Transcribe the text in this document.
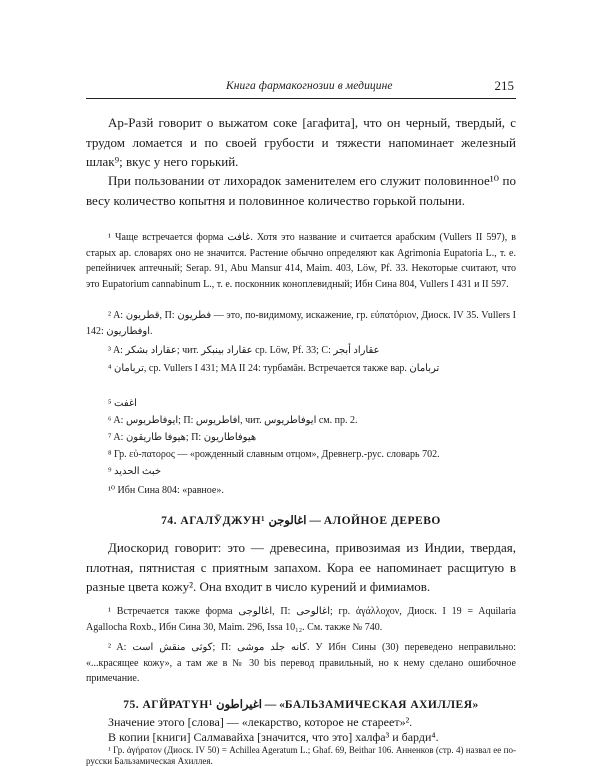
Книга фармакогнозии в медицине	215
Ар-Разй говорит о выжатом соке [агафита], что он черный, твердый, с трудом ломается и по своей грубости и тяжести напоминает железный шлак⁹; вкус у него горький.
При пользовании от лихорадок заменителем его служит половинное¹⁰ по весу количество копытня и половинное количество горькой полыни.
¹ Чаще встречается форма غافت. Хотя это название и считается арабским (Vullers II 597), в старых ар. словарях оно не значится. Растение обычно определяют как Agrimonia Eupatoria L., т. е. репейничек аптечный; Serap. 91, Abu Mansur 414, Maim. 403, Löw, Pf. 33. Некоторые считают, что это Eupatorium cannabinum L., т. е. посконник коноплевидный; Ибн Сина 804, Vullers I 431 и II 597.
² A: قطریون, П: فطریون — это, по-видимому, искажение, гр. εὐπατόριον, Диоск. IV 35. Vullers I 142: اوفطاریون.
³ A: عقاراد بشکر; чит. عقاراد بینبکر ср. Löw, Pf. 33; C: عقاراد أبجر
⁴ تربامان, ср. Vullers I 431; MA II 24: турбамāн. Встречается также вар. تربامان
⁵ اغفت
⁶ A: ایوفاطریوس; П: افاطریوس, чит. ایوفاطریوس см. пр. 2.
⁷ A: هیوفا طاریقون; П: هیوفاطاریون
⁸ Гр. εὐ-πατορος — «рожденный славным отцом», Древнегр.-рус. словарь 702.
⁹ خبث الحدید
¹⁰ Ибн Сина 804: «равное».
74. АГАЛӮДЖУН¹ اغالوجن — АЛОЙНОЕ ДЕРЕВО
Диоскорид говорит: это — древесина, привозимая из Индии, твердая, плотная, пятнистая с приятным запахом. Кора ее напоминает расщитую в разные цвета кожу². Она входит в число курений и фимиамов.
¹ Встречается также форма اغالوجی, П: اغالوحی; гр. ἀγάλλοχον, Диоск. I 19 = Aquilaria Agallocha Roxb., Ибн Сина 30, Maim. 296, Issa 10₁₂. См. также № 740.
² A: كوثى منقش است; П: كانه جلد موشى. У Ибн Сины (30) переведено неправильно: «...красящее кожу», а там же в № 30 bis перевод правильный, но к нему сделано ошибочное примечание.
75. АГЙРАТҮН¹ اغیراطون — «БАЛЬЗАМИЧЕСКАЯ АХИЛЛЕЯ»
Значение этого [слова] — «лекарство, которое не стареет»².
В копии [книги] Салмавайха [значится, что это] халфа³ и барди⁴.
¹ Гр. ἀγήρατον (Диоск. IV 50) = Achillea Ageratum L.; Ghaf. 69, Beithar 106. Анненков (стр. 4) назвал ее по-русски Бальзамическая Ахиллея.
